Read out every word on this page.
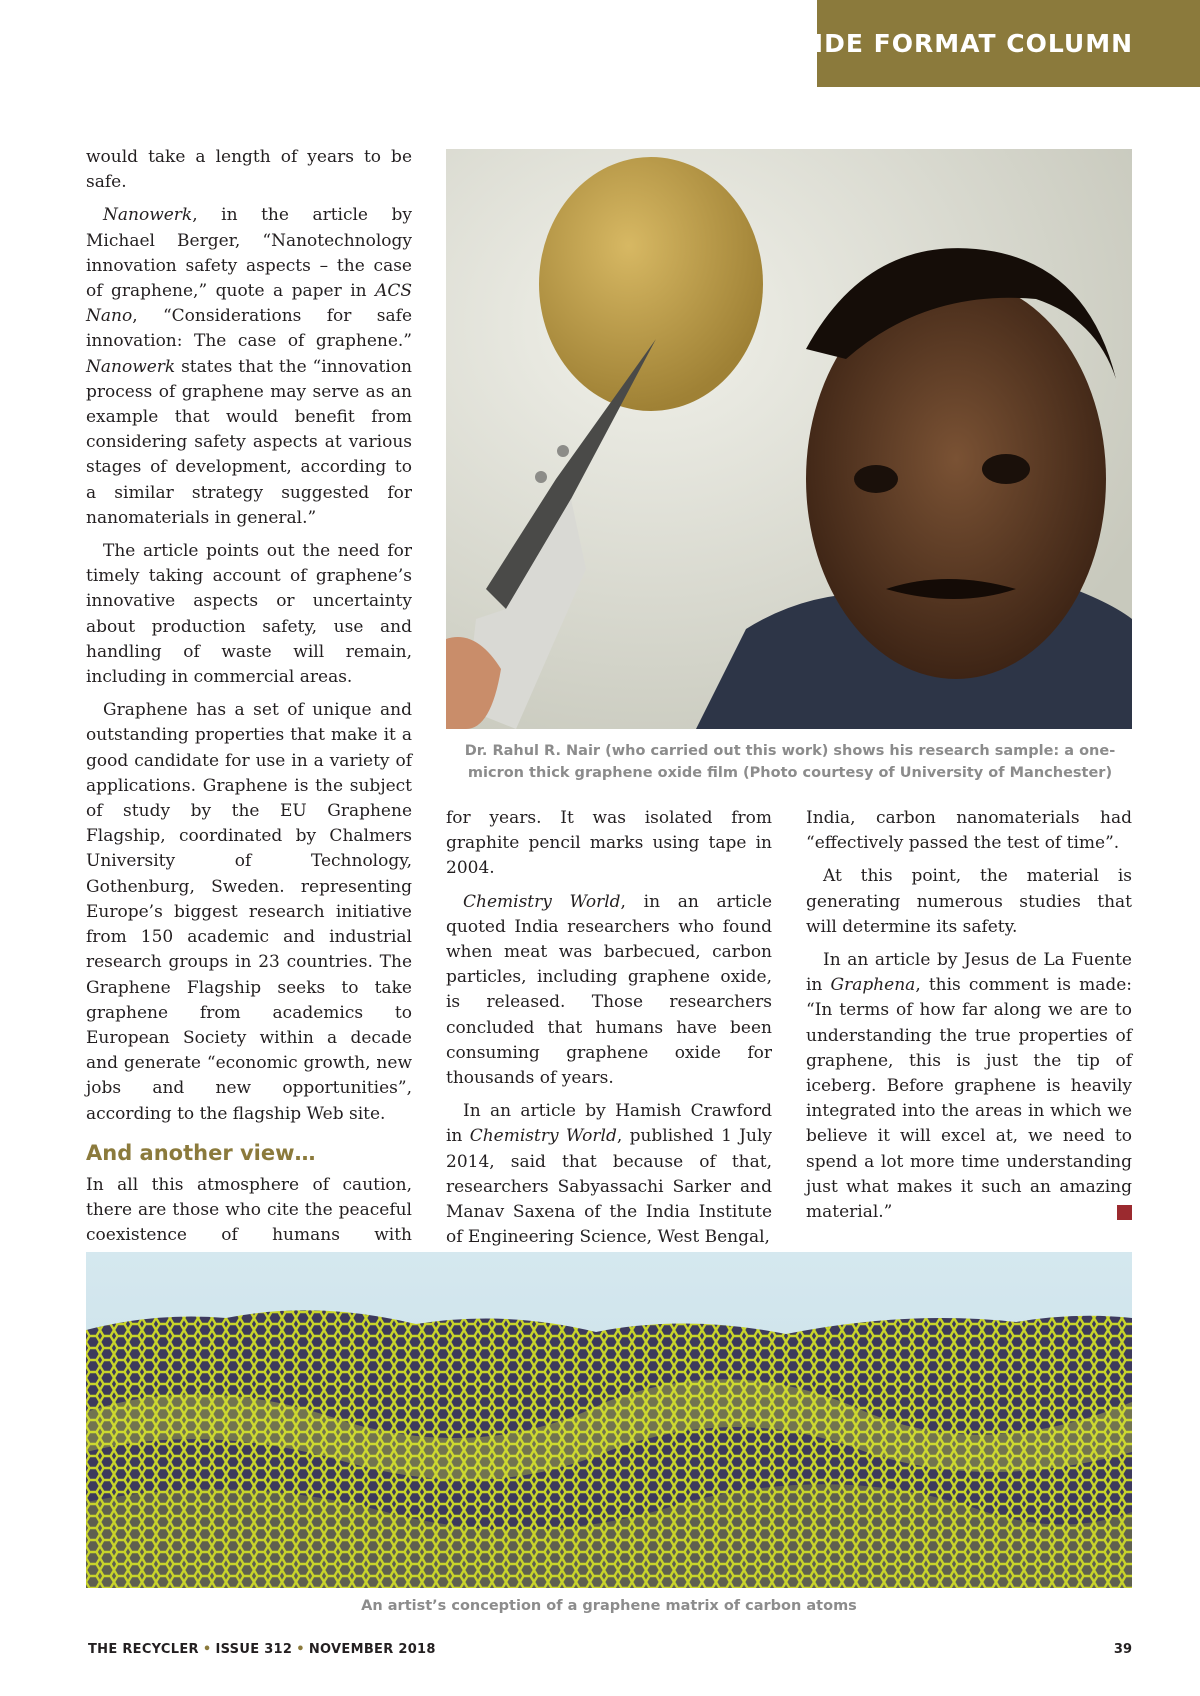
WIDE FORMAT COLUMN

would take a length of years to be safe.

Nanowerk, in the article by Michael Berger, “Nanotechnology innovation safety aspects – the case of graphene,” quote a paper in ACS Nano, “Considerations for safe innovation: The case of graphene.” Nanowerk states that the “innovation process of graphene may serve as an example that would benefit from considering safety aspects at various stages of development, according to a similar strategy suggested for nanomaterials in general.”

The article points out the need for timely taking account of graphene’s innovative aspects or uncertainty about production safety, use and handling of waste will remain, including in commercial areas.

Graphene has a set of unique and outstanding properties that make it a good candidate for use in a variety of applications. Graphene is the subject of study by the EU Graphene Flagship, coordinated by Chalmers University of Technology, Gothenburg, Sweden. representing Europe’s biggest research initiative from 150 academic and industrial research groups in 23 countries. The Graphene Flagship seeks to take graphene from academics to European Society within a decade and generate “economic growth, new jobs and new opportunities”, according to the flagship Web site.

And another view…

In all this atmosphere of caution, there are those who cite the peaceful coexistence of humans with

Dr. Rahul R. Nair (who carried out this work) shows his research sample: a one-micron thick graphene oxide film (Photo courtesy of University of Manchester)

for years. It was isolated from graphite pencil marks using tape in 2004.

Chemistry World, in an article quoted India researchers who found when meat was barbecued, carbon particles, including graphene oxide, is released. Those researchers concluded that humans have been consuming graphene oxide for thousands of years.

In an article by Hamish Crawford in Chemistry World, published 1 July 2014, said that because of that, researchers Sabyassachi Sarker and Manav Saxena of the India Institute of Engineering Science, West Bengal,

India, carbon nanomaterials had “effectively passed the test of time”.

At this point, the material is generating numerous studies that will determine its safety.

In an article by Jesus de La Fuente in Graphena, this comment is made: “In terms of how far along we are to understanding the true properties of graphene, this is just the tip of iceberg. Before graphene is heavily integrated into the areas in which we believe it will excel at, we need to spend a lot more time understanding just what makes it such an amazing material.”	R

An artist’s conception of a graphene matrix of carbon atoms
THE RECYCLER • ISSUE 312 • NOVEMBER 2018	39
